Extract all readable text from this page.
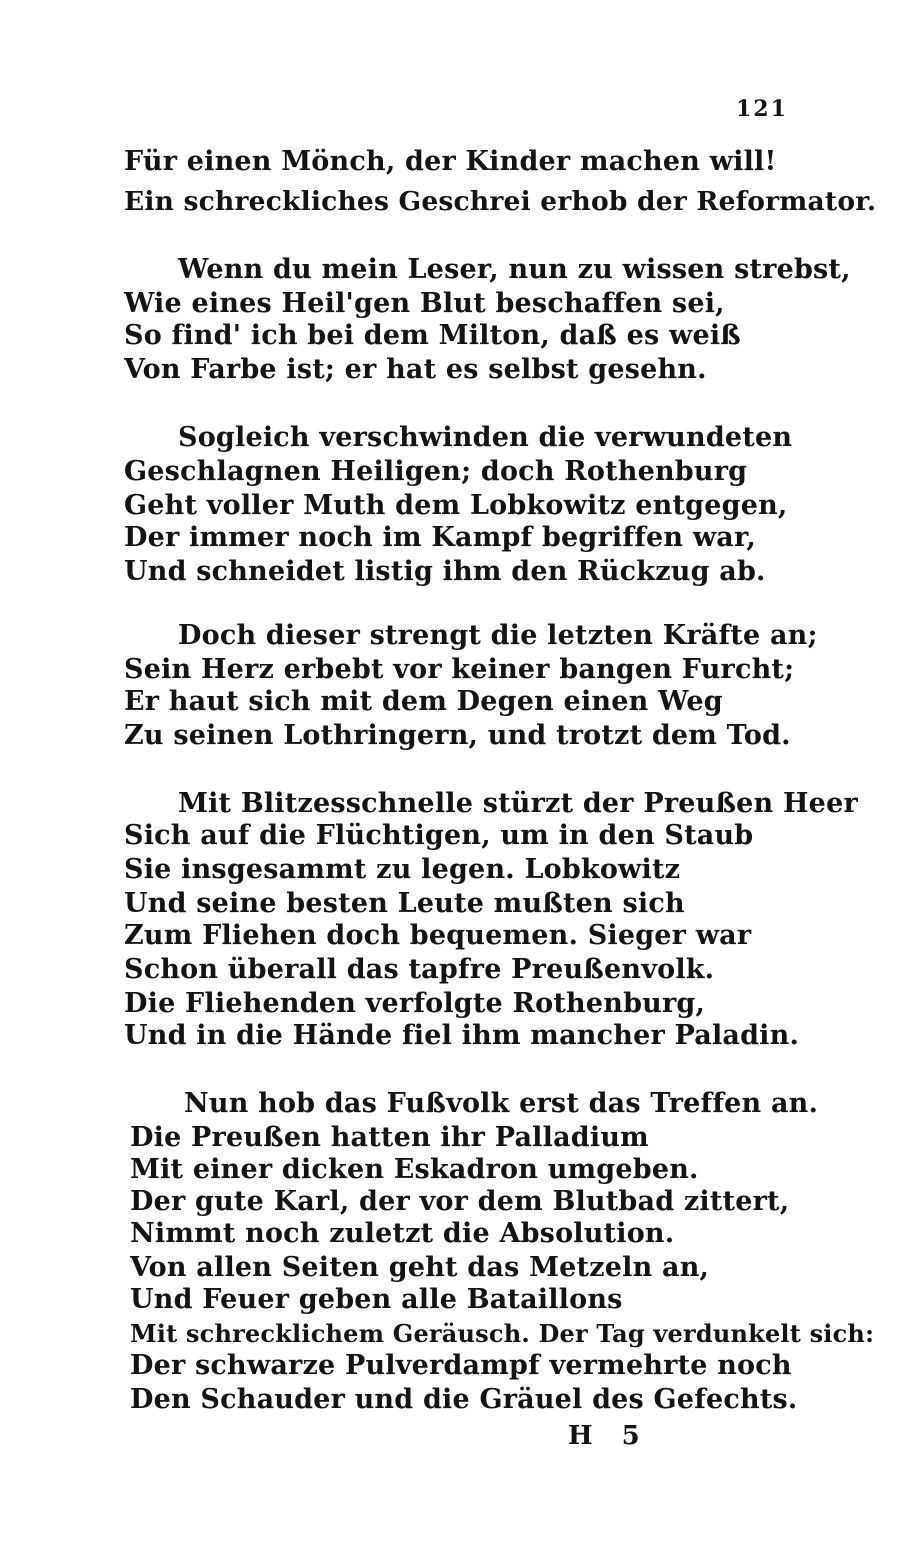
121
Für einen Mönch, der Kinder machen will!
Ein schreckliches Geschrei erhob der Reformator.
Wenn du mein Leser, nun zu wissen strebst,
Wie eines Heil'gen Blut beschaffen sei,
So find' ich bei dem Milton, daß es weiß
Von Farbe ist; er hat es selbst gesehn.
Sogleich verschwinden die verwundeten
Geschlagnen Heiligen; doch Rothenburg
Geht voller Muth dem Lobkowitz entgegen,
Der immer noch im Kampf begriffen war,
Und schneidet listig ihm den Rückzug ab.
Doch dieser strengt die letzten Kräfte an;
Sein Herz erbebt vor keiner bangen Furcht;
Er haut sich mit dem Degen einen Weg
Zu seinen Lothringern, und trotzt dem Tod.
Mit Blitzesschnelle stürzt der Preußen Heer
Sich auf die Flüchtigen, um in den Staub
Sie insgesammt zu legen. Lobkowitz
Und seine besten Leute mußten sich
Zum Fliehen doch bequemen. Sieger war
Schon überall das tapfre Preußenvolk.
Die Fliehenden verfolgte Rothenburg,
Und in die Hände fiel ihm mancher Paladin.
Nun hob das Fußvolk erst das Treffen an.
Die Preußen hatten ihr Palladium
Mit einer dicken Eskadron umgeben.
Der gute Karl, der vor dem Blutbad zittert,
Nimmt noch zuletzt die Absolution.
Von allen Seiten geht das Metzeln an,
Und Feuer geben alle Bataillons
Mit schrecklichem Geräusch. Der Tag verdunkelt sich:
Der schwarze Pulverdampf vermehrte noch
Den Schauder und die Gräuel des Gefechts.
H 5
